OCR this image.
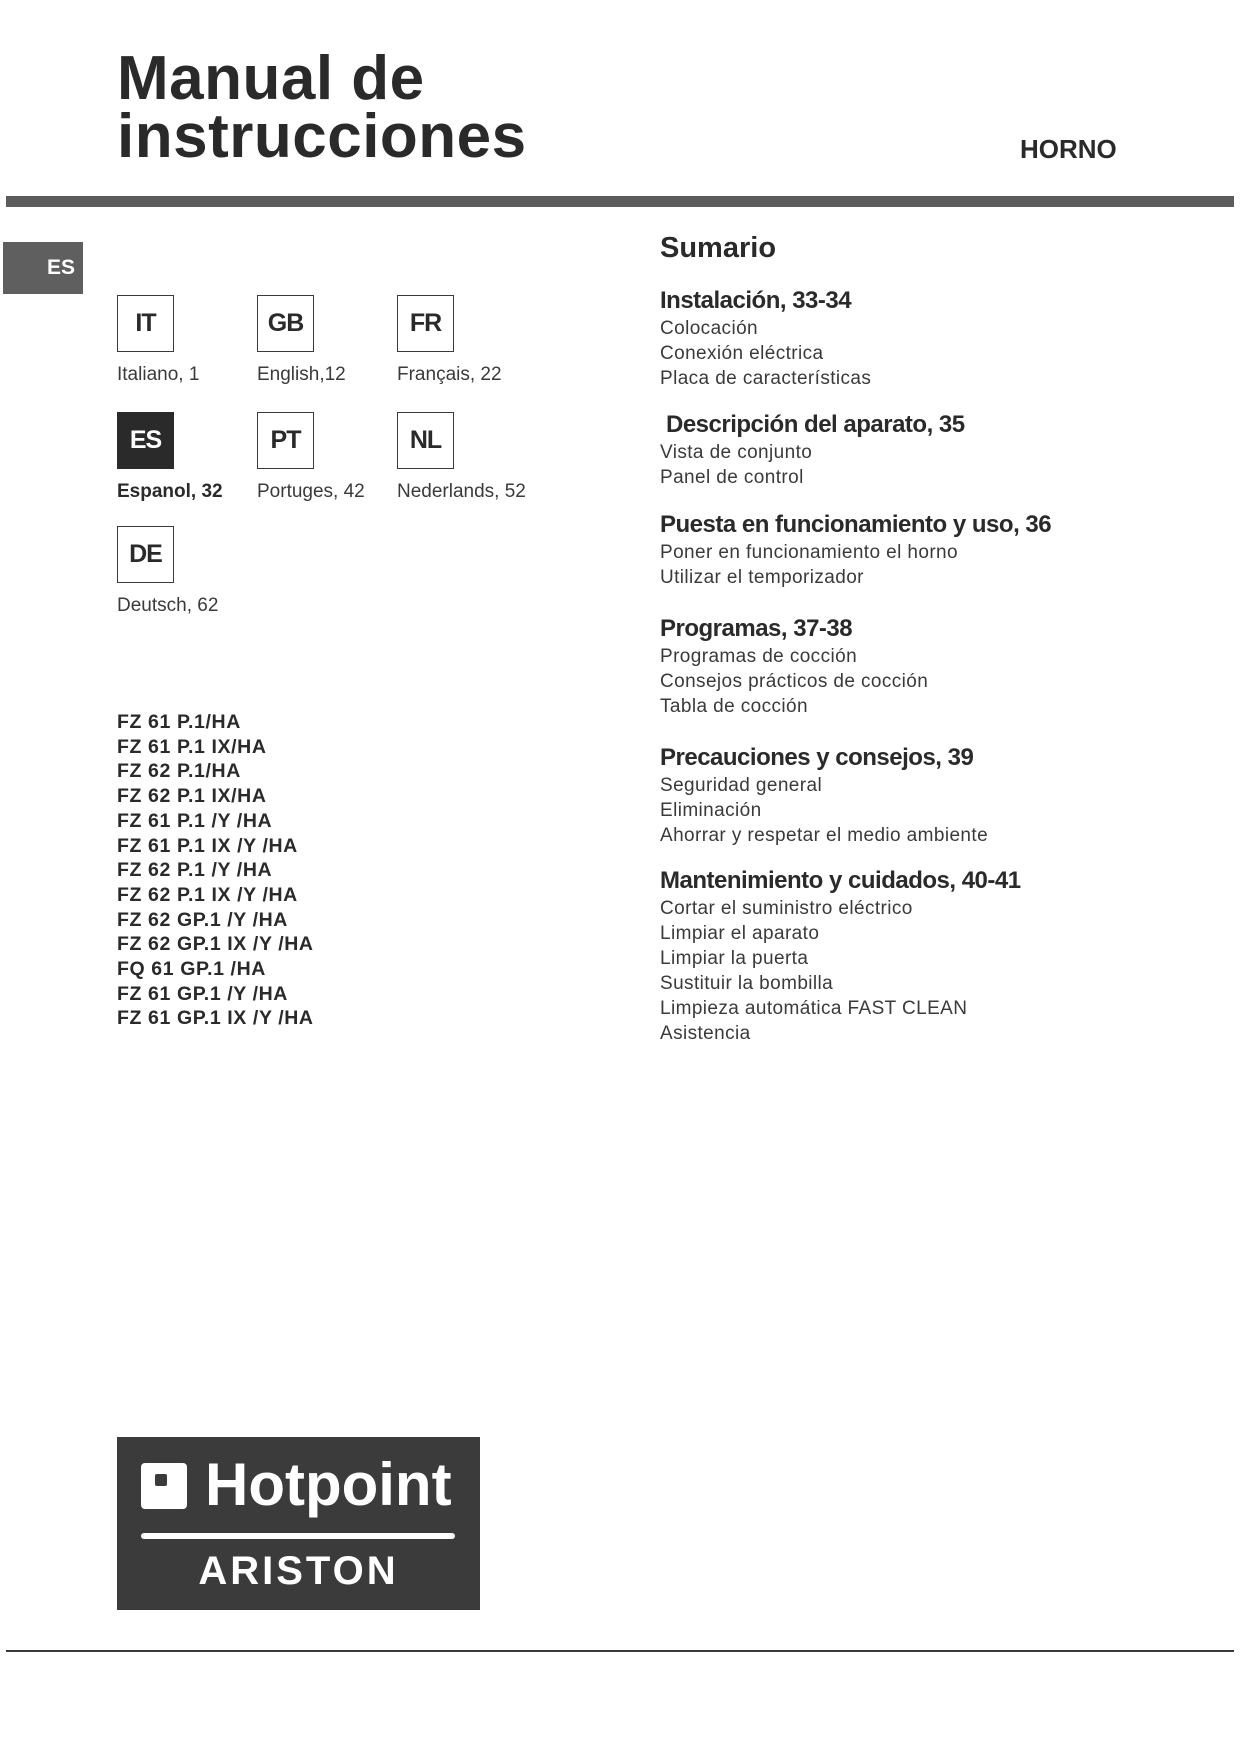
Manual de
instrucciones	HORNO
ES
IT
Italiano, 1
GB
English,12
FR
Français, 22
ES
Espanol, 32
PT
Portuges, 42
NL
Nederlands, 52
DE
Deutsch, 62
FZ 61 P.1/HA
FZ 61 P.1 IX/HA
FZ 62 P.1/HA
FZ 62 P.1 IX/HA
FZ 61 P.1 /Y /HA
FZ 61 P.1 IX /Y /HA
FZ 62 P.1 /Y /HA
FZ 62 P.1 IX /Y /HA
FZ 62 GP.1 /Y /HA
FZ 62 GP.1 IX /Y /HA
FQ 61 GP.1 /HA
FZ 61 GP.1 /Y /HA
FZ 61 GP.1 IX /Y /HA
Sumario
Instalación, 33-34
Colocación
Conexión eléctrica
Placa de características
Descripción del aparato, 35
Vista de conjunto
Panel de control
Puesta en funcionamiento y uso, 36
Poner en funcionamiento el horno
Utilizar el temporizador
Programas, 37-38
Programas de cocción
Consejos prácticos de cocción
Tabla de cocción
Precauciones y consejos, 39
Seguridad general
Eliminación
Ahorrar y respetar el medio ambiente
Mantenimiento y cuidados, 40-41
Cortar el suministro eléctrico
Limpiar el aparato
Limpiar la puerta
Sustituir la bombilla
Limpieza automática FAST CLEAN
Asistencia
Hotpoint
ARISTON
